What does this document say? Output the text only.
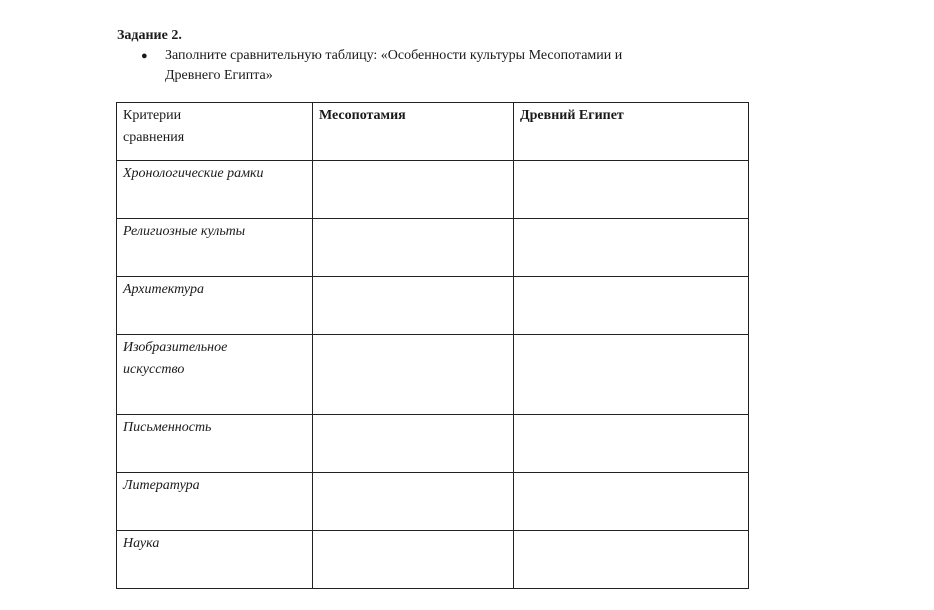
Задание 2.
● Заполните сравнительную таблицу: «Особенности культуры Месопотамии и
Древнего Египта»
Критерии
сравнения	Месопотамия	Древний Египет
Хронологические рамки		
Религиозные культы		
Архитектура		
Изобразительное
искусство		
Письменность		
Литература		
Наука		
